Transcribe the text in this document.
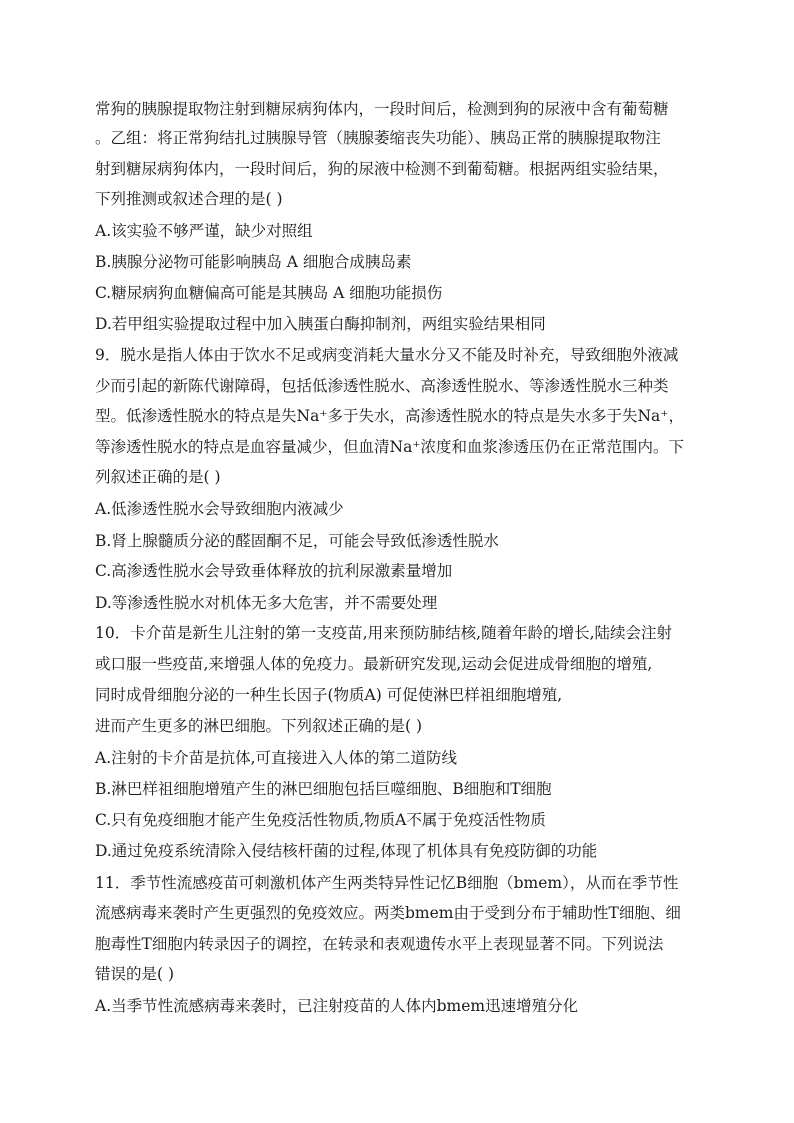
常狗的胰腺提取物注射到糖尿病狗体内，一段时间后，检测到狗的尿液中含有葡萄糖
。乙组：将正常狗结扎过胰腺导管（胰腺萎缩丧失功能）、胰岛正常的胰腺提取物注
射到糖尿病狗体内，一段时间后，狗的尿液中检测不到葡萄糖。根据两组实验结果，
下列推测或叙述合理的是( )
A.该实验不够严谨，缺少对照组
B.胰腺分泌物可能影响胰岛 A 细胞合成胰岛素
C.糖尿病狗血糖偏高可能是其胰岛 A 细胞功能损伤
D.若甲组实验提取过程中加入胰蛋白酶抑制剂，两组实验结果相同
9．脱水是指人体由于饮水不足或病变消耗大量水分又不能及时补充，导致细胞外液减
少而引起的新陈代谢障碍，包括低渗透性脱水、高渗透性脱水、等渗透性脱水三种类
型。低渗透性脱水的特点是失Na⁺多于失水，高渗透性脱水的特点是失水多于失Na⁺，
等渗透性脱水的特点是血容量减少，但血清Na⁺浓度和血浆渗透压仍在正常范围内。下
列叙述正确的是( )
A.低渗透性脱水会导致细胞内液减少
B.肾上腺髓质分泌的醛固酮不足，可能会导致低渗透性脱水
C.高渗透性脱水会导致垂体释放的抗利尿激素量增加
D.等渗透性脱水对机体无多大危害，并不需要处理
10．卡介苗是新生儿注射的第一支疫苗,用来预防肺结核,随着年龄的增长,陆续会注射
或口服一些疫苗,来增强人体的免疫力。最新研究发现,运动会促进成骨细胞的增殖,
同时成骨细胞分泌的一种生长因子(物质A) 可促使淋巴样祖细胞增殖,
进而产生更多的淋巴细胞。下列叙述正确的是( )
A.注射的卡介苗是抗体,可直接进入人体的第二道防线
B.淋巴样祖细胞增殖产生的淋巴细胞包括巨噬细胞、B细胞和T细胞
C.只有免疫细胞才能产生免疫活性物质,物质A不属于免疫活性物质
D.通过免疫系统清除入侵结核杆菌的过程,体现了机体具有免疫防御的功能
11．季节性流感疫苗可刺激机体产生两类特异性记忆B细胞（bmem），从而在季节性
流感病毒来袭时产生更强烈的免疫效应。两类bmem由于受到分布于辅助性T细胞、细
胞毒性T细胞内转录因子的调控，在转录和表观遗传水平上表现显著不同。下列说法
错误的是( )
A.当季节性流感病毒来袭时，已注射疫苗的人体内bmem迅速增殖分化
